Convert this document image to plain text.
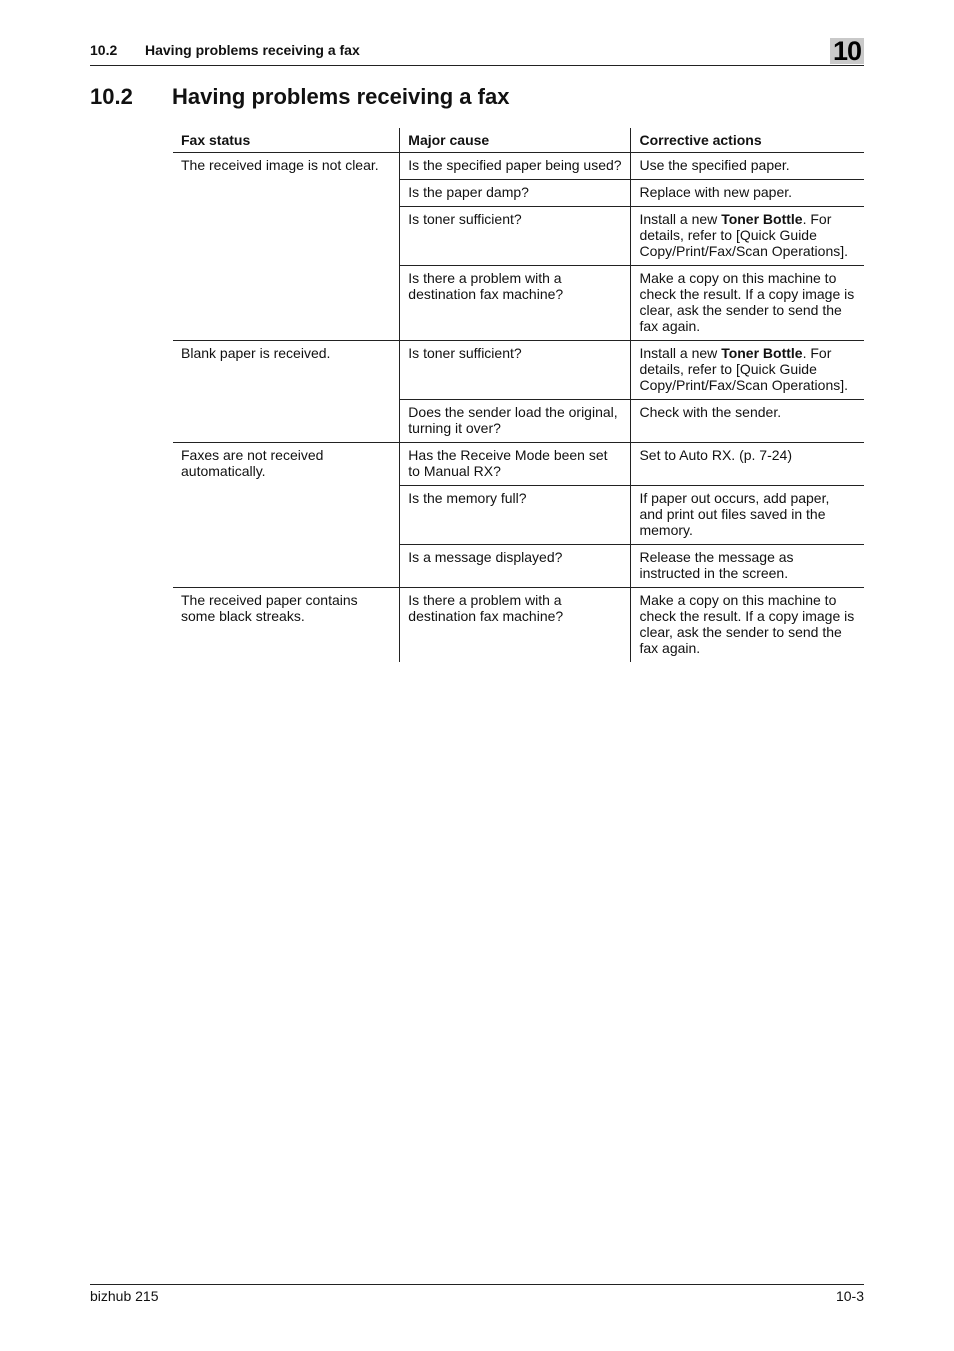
10.2 Having problems receiving a fax	10
10.2 Having problems receiving a fax
Fax status	Major cause	Corrective actions
The received image is not clear.	Is the specified paper being used?	Use the specified paper.
	Is the paper damp?	Replace with new paper.
	Is toner sufficient?	Install a new Toner Bottle. For details, refer to [Quick Guide Copy/Print/Fax/Scan Operations].
	Is there a problem with a destination fax machine?	Make a copy on this machine to check the result. If a copy image is clear, ask the sender to send the fax again.
Blank paper is received.	Is toner sufficient?	Install a new Toner Bottle. For details, refer to [Quick Guide Copy/Print/Fax/Scan Operations].
	Does the sender load the original, turning it over?	Check with the sender.
Faxes are not received automatically.	Has the Receive Mode been set to Manual RX?	Set to Auto RX. (p. 7-24)
	Is the memory full?	If paper out occurs, add paper, and print out files saved in the memory.
	Is a message displayed?	Release the message as instructed in the screen.
The received paper contains some black streaks.	Is there a problem with a destination fax machine?	Make a copy on this machine to check the result. If a copy image is clear, ask the sender to send the fax again.
bizhub 215	10-3
